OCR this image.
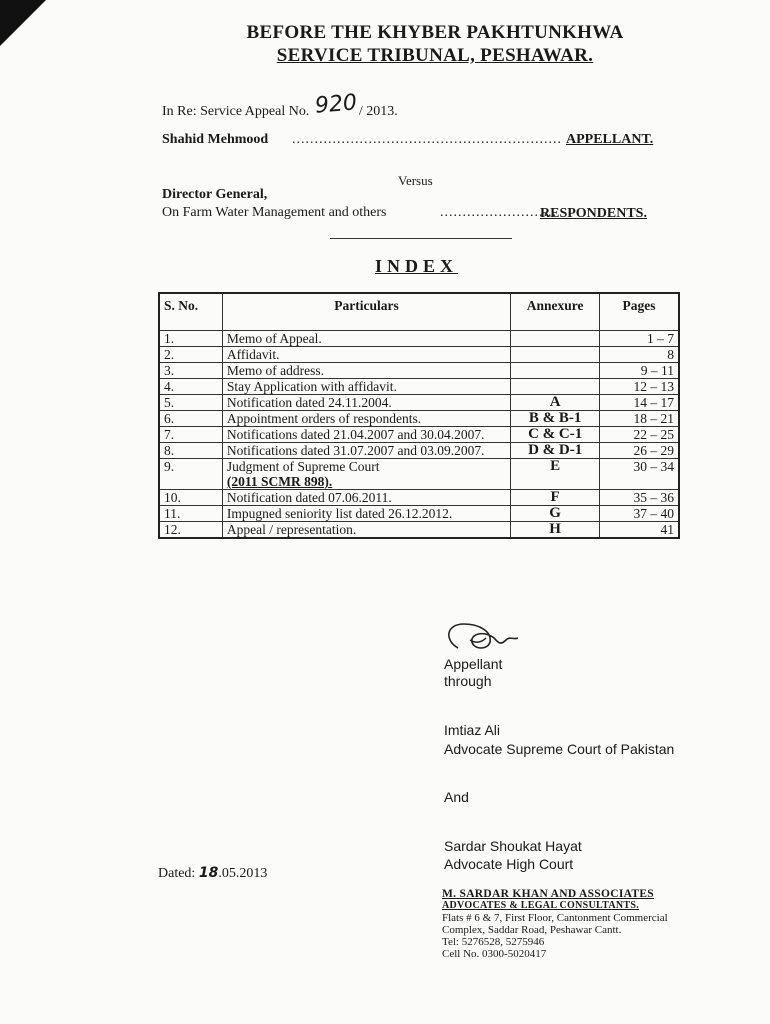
BEFORE THE KHYBER PAKHTUNKHWA
SERVICE TRIBUNAL, PESHAWAR.
In Re: Service Appeal No. 920/ 2013.
Shahid Mehmood ............................................................ APPELLANT.
Versus
Director General,
On Farm Water Management and others	..........................
RESPONDENTS.
INDEX
S. No.	Particulars	Annexure	Pages
1.	Memo of Appeal.		1 – 7
2.	Affidavit.		8
3.	Memo of address.		9 – 11
4.	Stay Application with affidavit.		12 – 13
5.	Notification dated 24.11.2004.	A	14 – 17
6.	Appointment orders of respondents.	B & B-1	18 – 21
7.	Notifications dated 21.04.2007 and 30.04.2007.	C & C-1	22 – 25
8.	Notifications dated 31.07.2007 and 03.09.2007.	D & D-1	26 – 29
9.	Judgment of Supreme Court
(2011 SCMR 898).	E	30 – 34
10.	Notification dated 07.06.2011.	F	35 – 36
11.	Impugned seniority list dated 26.12.2012.	G	37 – 40
12.	Appeal / representation.	H	41
Appellant
through
Imtiaz Ali
Advocate Supreme Court of Pakistan
And
Sardar Shoukat Hayat
Advocate High Court
Dated: 18.05.2013
M. SARDAR KHAN AND ASSOCIATES
ADVOCATES & LEGAL CONSULTANTS.
Flats # 6 & 7, First Floor, Cantonment Commercial
Complex, Saddar Road, Peshawar Cantt.
Tel: 5276528, 5275946
Cell No. 0300-5020417
